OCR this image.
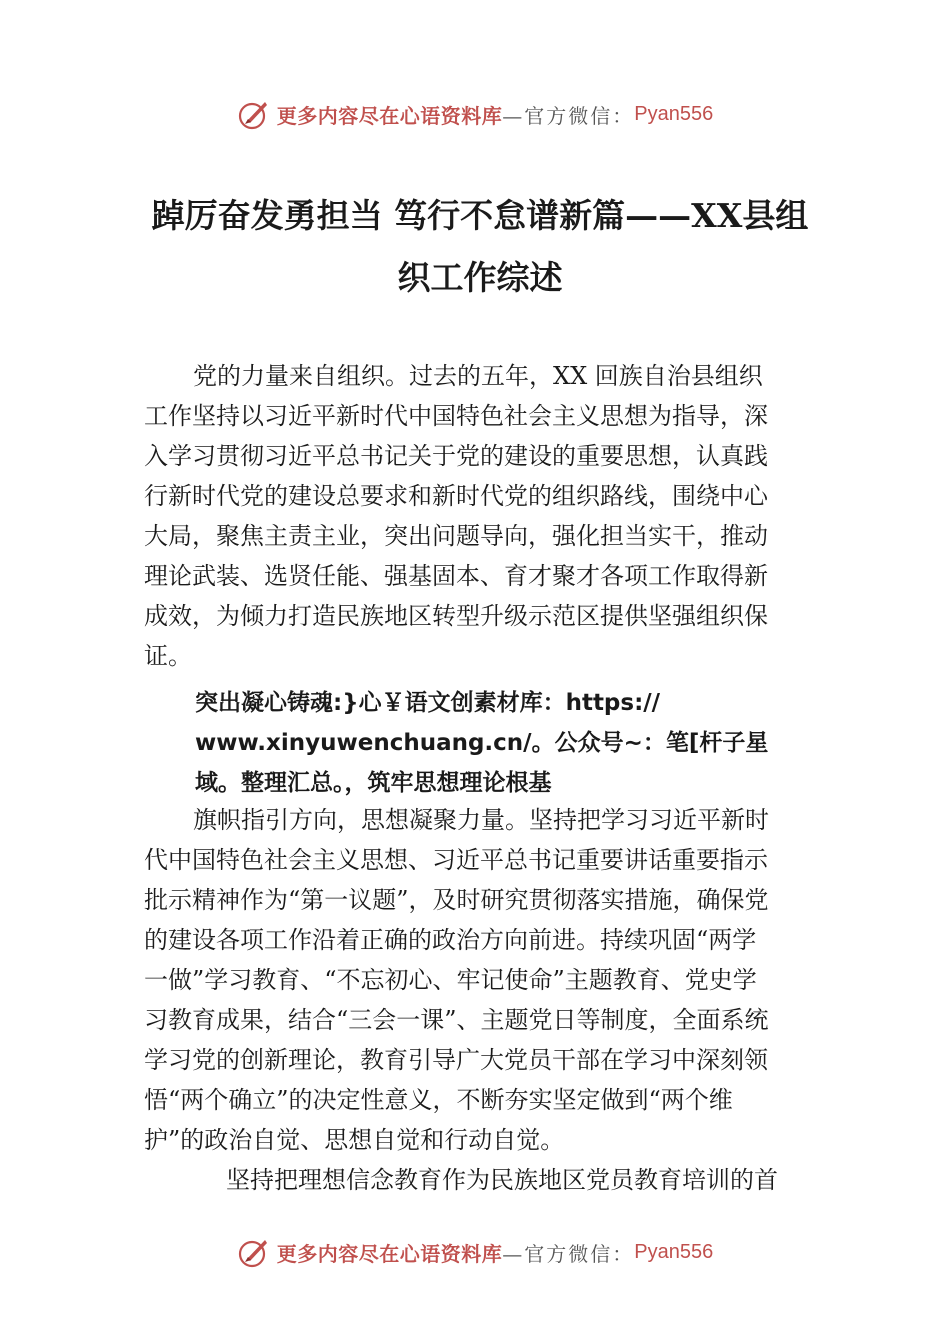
更多内容尽在心语资料库 —官方微信： Pyan556
踔厉奋发勇担当 笃行不怠谱新篇——XX县组织工作综述
党的力量来自组织。过去的五年，XX 回族自治县组织
工作坚持以习近平新时代中国特色社会主义思想为指导，深
入学习贯彻习近平总书记关于党的建设的重要思想，认真践
行新时代党的建设总要求和新时代党的组织路线，围绕中心
大局，聚焦主责主业，突出问题导向，强化担当实干，推动
理论武装、选贤任能、强基固本、育才聚才各项工作取得新
成效，为倾力打造民族地区转型升级示范区提供坚强组织保
证。
突出凝心铸魂:}心￥语文创素材库：https://
www.xinyuwenchuang.cn/。公众号~：笔[杆子星
域。整理汇总。，筑牢思想理论根基
旗帜指引方向，思想凝聚力量。坚持把学习习近平新时
代中国特色社会主义思想、习近平总书记重要讲话重要指示
批示精神作为“第一议题”，及时研究贯彻落实措施，确保党
的建设各项工作沿着正确的政治方向前进。持续巩固“两学
一做”学习教育、“不忘初心、牢记使命”主题教育、党史学
习教育成果，结合“三会一课”、主题党日等制度，全面系统
学习党的创新理论，教育引导广大党员干部在学习中深刻领
悟“两个确立”的决定性意义，不断夯实坚定做到“两个维
护”的政治自觉、思想自觉和行动自觉。
坚持把理想信念教育作为民族地区党员教育培训的首
更多内容尽在心语资料库 —官方微信： Pyan556
